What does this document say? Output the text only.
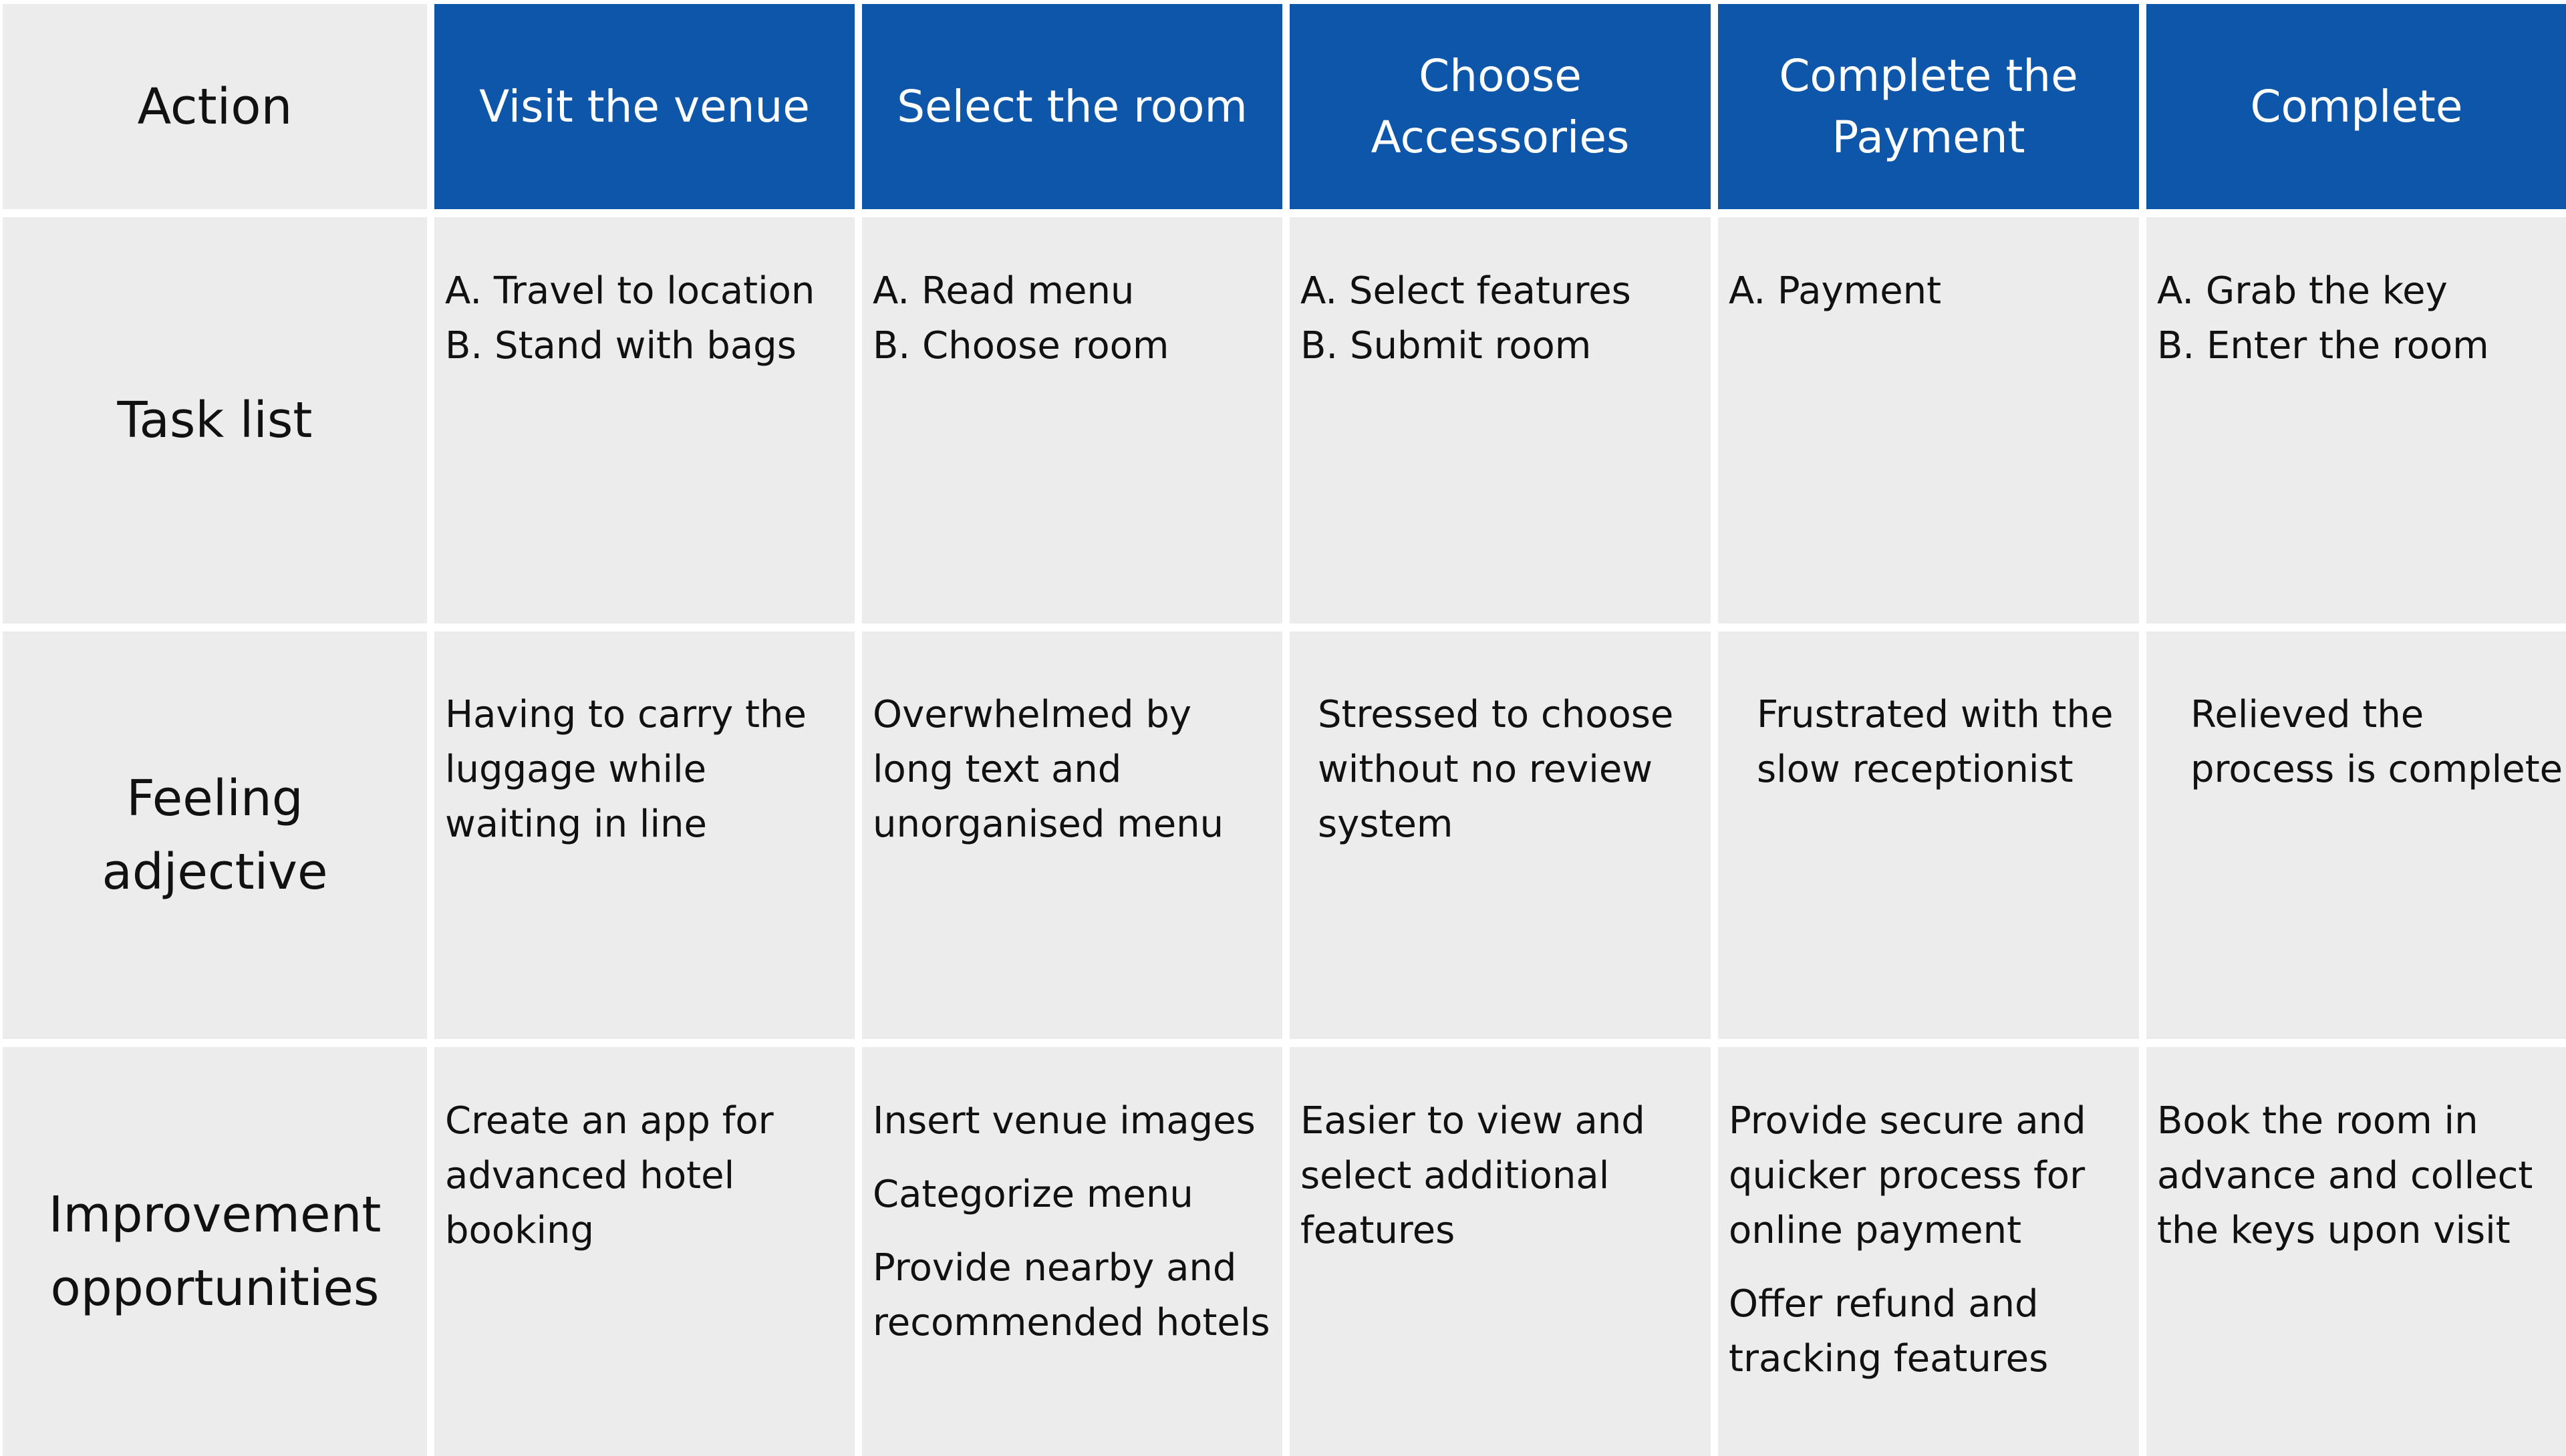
Action	Visit the venue Select the room
Choose Accessories
Complete the Payment
Complete
Task list
A. Travel to location
B. Stand with bags
A. Read menu
B. Choose room
A. Select features
B. Submit room
A. Payment	A. Grab the key
B. Enter the room
Feeling adjective
Having to carry the luggage while waiting in line
Overwhelmed by long text and unorganised menu
Stressed to choose without no review system
Frustrated with the slow receptionist
Relieved the process is complete
Improvement opportunities
Create an app for advanced hotel booking
Insert venue images
Categorize menu
Provide nearby and recommended hotels
Easier to view and select additional features
Provide secure and quicker process for online payment
Offer refund and tracking features
Book the room in advance and collect the keys upon visit
